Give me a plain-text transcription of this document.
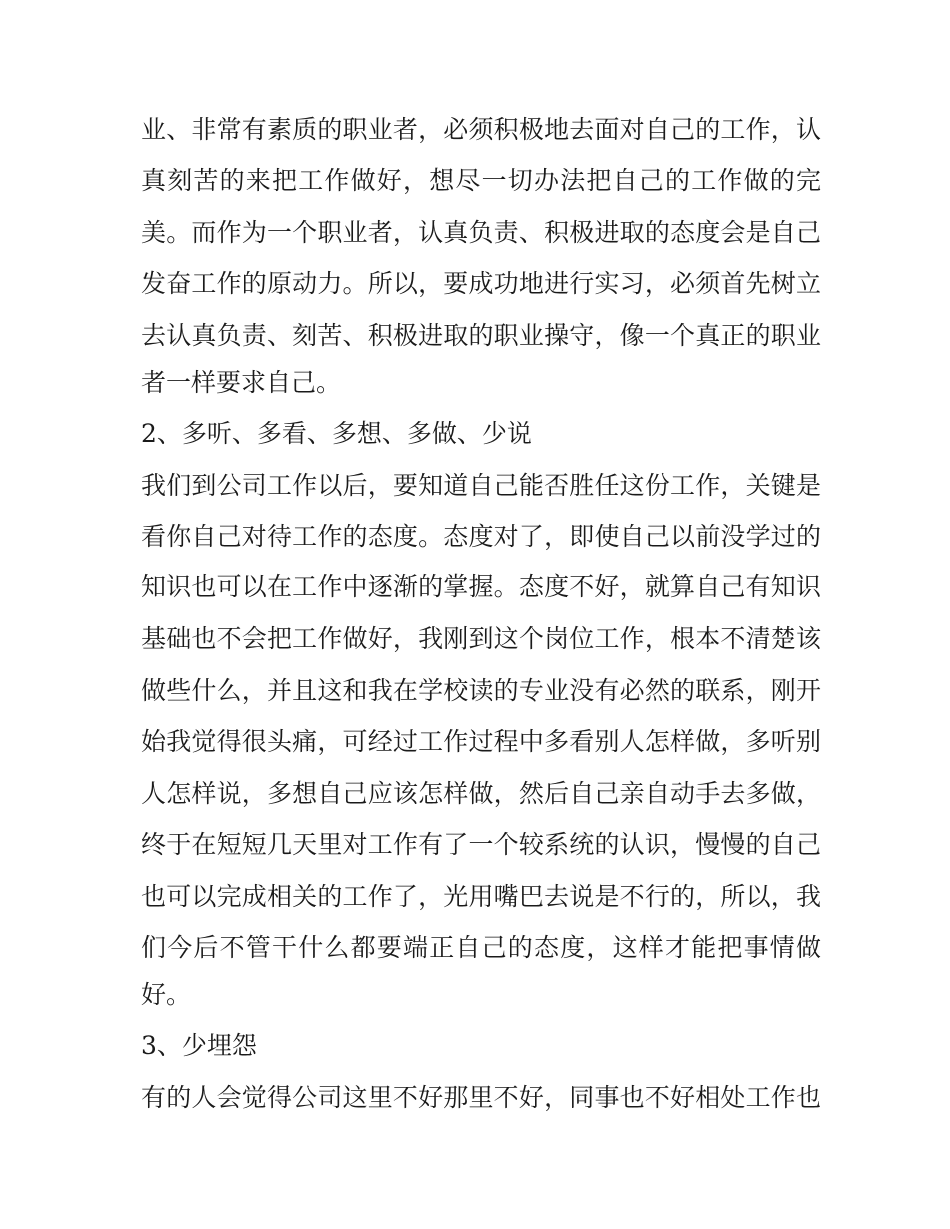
业、非常有素质的职业者，必须积极地去面对自己的工作，认
真刻苦的来把工作做好，想尽一切办法把自己的工作做的完
美。而作为一个职业者，认真负责、积极进取的态度会是自己
发奋工作的原动力。所以，要成功地进行实习，必须首先树立
去认真负责、刻苦、积极进取的职业操守，像一个真正的职业
者一样要求自己。
2、多听、多看、多想、多做、少说
我们到公司工作以后，要知道自己能否胜任这份工作，关键是
看你自己对待工作的态度。态度对了，即使自己以前没学过的
知识也可以在工作中逐渐的掌握。态度不好，就算自己有知识
基础也不会把工作做好，我刚到这个岗位工作，根本不清楚该
做些什么，并且这和我在学校读的专业没有必然的联系，刚开
始我觉得很头痛，可经过工作过程中多看别人怎样做，多听别
人怎样说，多想自己应该怎样做，然后自己亲自动手去多做，
终于在短短几天里对工作有了一个较系统的认识，慢慢的自己
也可以完成相关的工作了，光用嘴巴去说是不行的，所以，我
们今后不管干什么都要端正自己的态度，这样才能把事情做
好。
3、少埋怨
有的人会觉得公司这里不好那里不好，同事也不好相处工作也
